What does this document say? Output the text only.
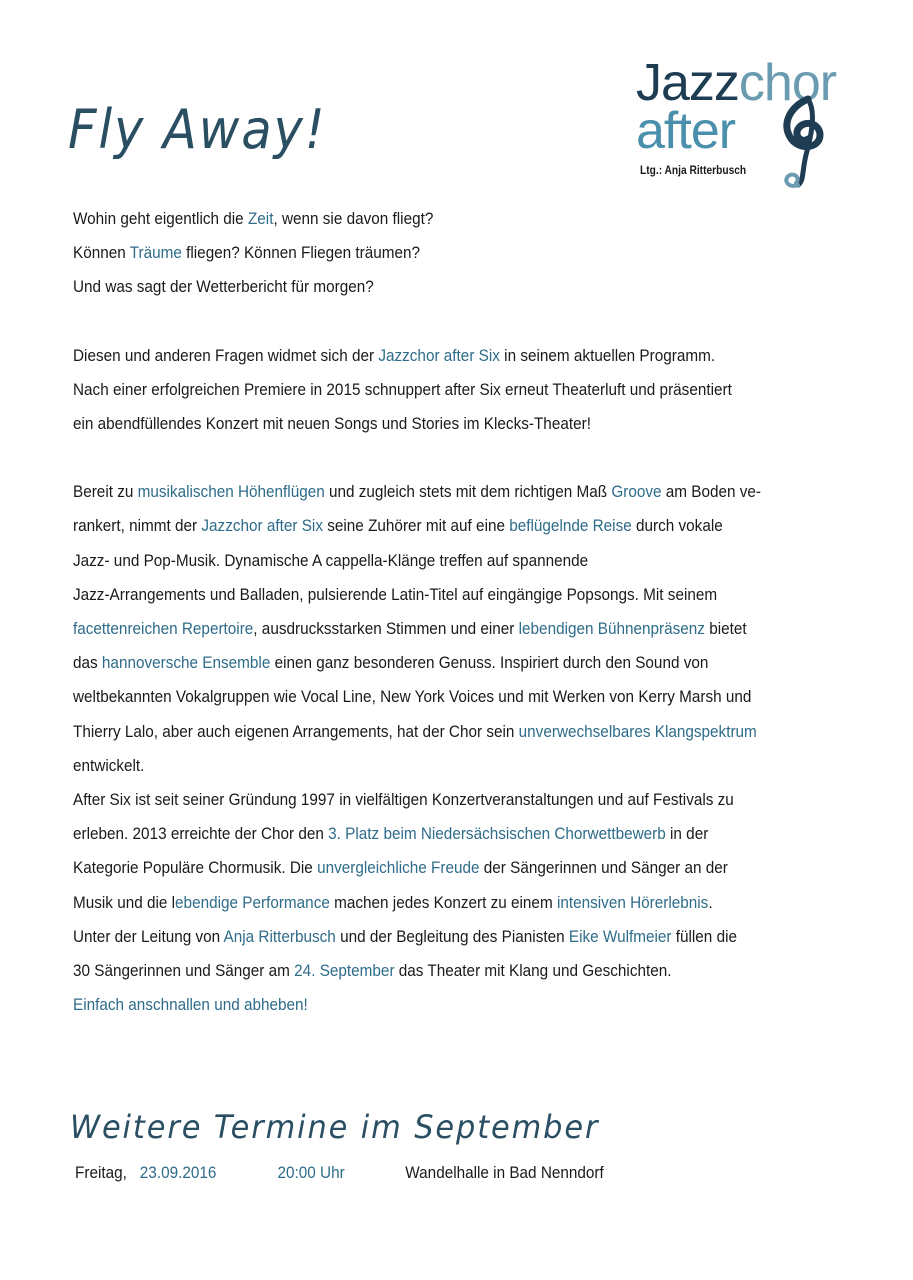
Fly Away!
Jazzchor
after
Ltg.: Anja Ritterbusch

Wohin geht eigentlich die Zeit, wenn sie davon fliegt?

Können Träume fliegen? Können Fliegen träumen?

Und was sagt der Wetterbericht für morgen?

Diesen und anderen Fragen widmet sich der Jazzchor after Six in seinem aktuellen Programm.

Nach einer erfolgreichen Premiere in 2015 schnuppert after Six erneut Theaterluft und präsentiert

ein abendfüllendes Konzert mit neuen Songs und Stories im Klecks-Theater!

Bereit zu musikalischen Höhenflügen und zugleich stets mit dem richtigen Maß Groove am Boden ve-

rankert, nimmt der Jazzchor after Six seine Zuhörer mit auf eine beflügelnde Reise durch vokale

Jazz- und Pop-Musik. Dynamische A cappella-Klänge treffen auf spannende

Jazz-Arrangements und Balladen, pulsierende Latin-Titel auf eingängige Popsongs. Mit seinem

facettenreichen Repertoire, ausdrucksstarken Stimmen und einer lebendigen Bühnenpräsenz bietet

das hannoversche Ensemble einen ganz besonderen Genuss. Inspiriert durch den Sound von

weltbekannten Vokalgruppen wie Vocal Line, New York Voices und mit Werken von Kerry Marsh und

Thierry Lalo, aber auch eigenen Arrangements, hat der Chor sein unverwechselbares Klangspektrum

entwickelt.

After Six ist seit seiner Gründung 1997 in vielfältigen Konzertveranstaltungen und auf Festivals zu

erleben. 2013 erreichte der Chor den 3. Platz beim Niedersächsischen Chorwettbewerb in der

Kategorie Populäre Chormusik. Die unvergleichliche Freude der Sängerinnen und Sänger an der

Musik und die lebendige Performance machen jedes Konzert zu einem intensiven Hörerlebnis.

Unter der Leitung von Anja Ritterbusch und der Begleitung des Pianisten Eike Wulfmeier füllen die

30 Sängerinnen und Sänger am 24. September das Theater mit Klang und Geschichten.

Einfach anschnallen und abheben!

Weitere Termine im September
Freitag, 23.09.2016	20:00 Uhr	Wandelhalle in Bad Nenndorf
